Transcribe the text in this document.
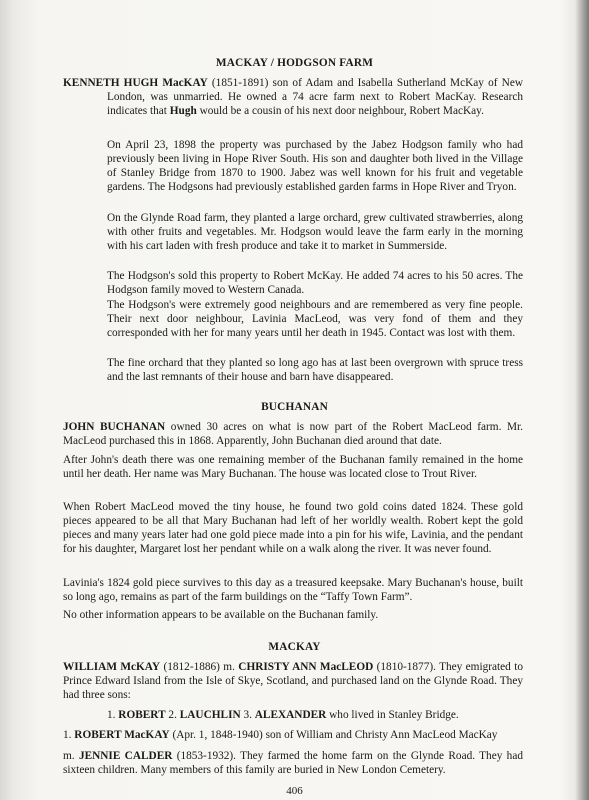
MACKAY / HODGSON FARM
KENNETH HUGH MacKAY (1851-1891) son of Adam and Isabella Sutherland McKay of New London, was unmarried. He owned a 74 acre farm next to Robert MacKay. Research indicates that Hugh would be a cousin of his next door neighbour, Robert MacKay.
On April 23, 1898 the property was purchased by the Jabez Hodgson family who had previously been living in Hope River South. His son and daughter both lived in the Village of Stanley Bridge from 1870 to 1900. Jabez was well known for his fruit and vegetable gardens. The Hodgsons had previously established garden farms in Hope River and Tryon.
On the Glynde Road farm, they planted a large orchard, grew cultivated strawberries, along with other fruits and vegetables. Mr. Hodgson would leave the farm early in the morning with his cart laden with fresh produce and take it to market in Summerside.
The Hodgson's sold this property to Robert McKay. He added 74 acres to his 50 acres. The Hodgson family moved to Western Canada.
The Hodgson's were extremely good neighbours and are remembered as very fine people. Their next door neighbour, Lavinia MacLeod, was very fond of them and they corresponded with her for many years until her death in 1945. Contact was lost with them.
The fine orchard that they planted so long ago has at last been overgrown with spruce tress and the last remnants of their house and barn have disappeared.
BUCHANAN
JOHN BUCHANAN owned 30 acres on what is now part of the Robert MacLeod farm. Mr. MacLeod purchased this in 1868. Apparently, John Buchanan died around that date.
After John's death there was one remaining member of the Buchanan family remained in the home until her death. Her name was Mary Buchanan. The house was located close to Trout River.
When Robert MacLeod moved the tiny house, he found two gold coins dated 1824. These gold pieces appeared to be all that Mary Buchanan had left of her worldly wealth. Robert kept the gold pieces and many years later had one gold piece made into a pin for his wife, Lavinia, and the pendant for his daughter, Margaret lost her pendant while on a walk along the river. It was never found.
Lavinia's 1824 gold piece survives to this day as a treasured keepsake. Mary Buchanan's house, built so long ago, remains as part of the farm buildings on the “Taffy Town Farm”.
No other information appears to be available on the Buchanan family.
MACKAY
WILLIAM McKAY (1812-1886) m. CHRISTY ANN MacLEOD (1810-1877). They emigrated to Prince Edward Island from the Isle of Skye, Scotland, and purchased land on the Glynde Road. They had three sons:
1. ROBERT 2. LAUCHLIN 3. ALEXANDER who lived in Stanley Bridge.
1. ROBERT MacKAY (Apr. 1, 1848-1940) son of William and Christy Ann MacLeod MacKay
m. JENNIE CALDER (1853-1932). They farmed the home farm on the Glynde Road. They had sixteen children. Many members of this family are buried in New London Cemetery.
406
